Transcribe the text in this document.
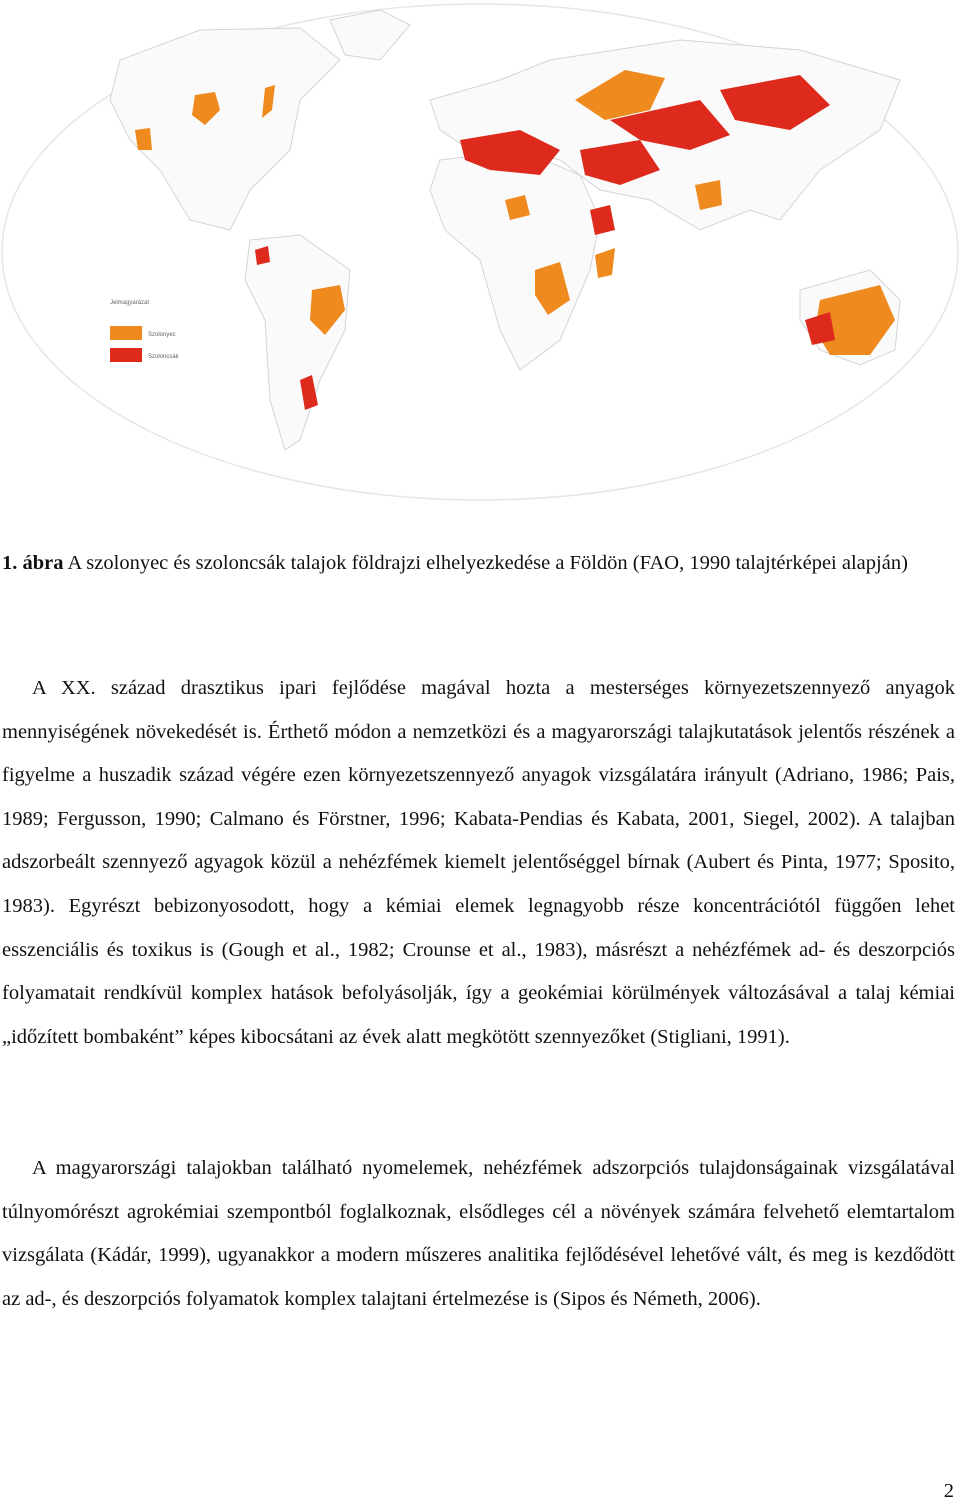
Jelmagyarázat
Szolonyec
Szoloncsák
1. ábra A szolonyec és szoloncsák talajok földrajzi elhelyezkedése a Földön (FAO, 1990 talajtérképei alapján)

A XX. század drasztikus ipari fejlődése magával hozta a mesterséges környezetszennyező anyagok mennyiségének növekedését is. Érthető módon a nemzetközi és a magyarországi talajkutatások jelentős részének a figyelme a huszadik század végére ezen környezetszennyező anyagok vizsgálatára irányult (Adriano, 1986; Pais, 1989; Fergusson, 1990; Calmano és Förstner, 1996; Kabata-Pendias és Kabata, 2001, Siegel, 2002). A talajban adszorbeált szennyező agyagok közül a nehézfémek kiemelt jelentőséggel bírnak (Aubert és Pinta, 1977; Sposito, 1983). Egyrészt bebizonyosodott, hogy a kémiai elemek legnagyobb része koncentrációtól függően lehet esszenciális és toxikus is (Gough et al., 1982; Crounse et al., 1983), másrészt a nehézfémek ad- és deszorpciós folyamatait rendkívül komplex hatások befolyásolják, így a geokémiai körülmények változásával a talaj kémiai „időzített bombaként” képes kibocsátani az évek alatt megkötött szennyezőket (Stigliani, 1991).

A magyarországi talajokban található nyomelemek, nehézfémek adszorpciós tulajdonságainak vizsgálatával túlnyomórészt agrokémiai szempontból foglalkoznak, elsődleges cél a növények számára felvehető elemtartalom vizsgálata (Kádár, 1999), ugyanakkor a modern műszeres analitika fejlődésével lehetővé vált, és meg is kezdődött az ad-, és deszorpciós folyamatok komplex talajtani értelmezése is (Sipos és Németh, 2006).

2
